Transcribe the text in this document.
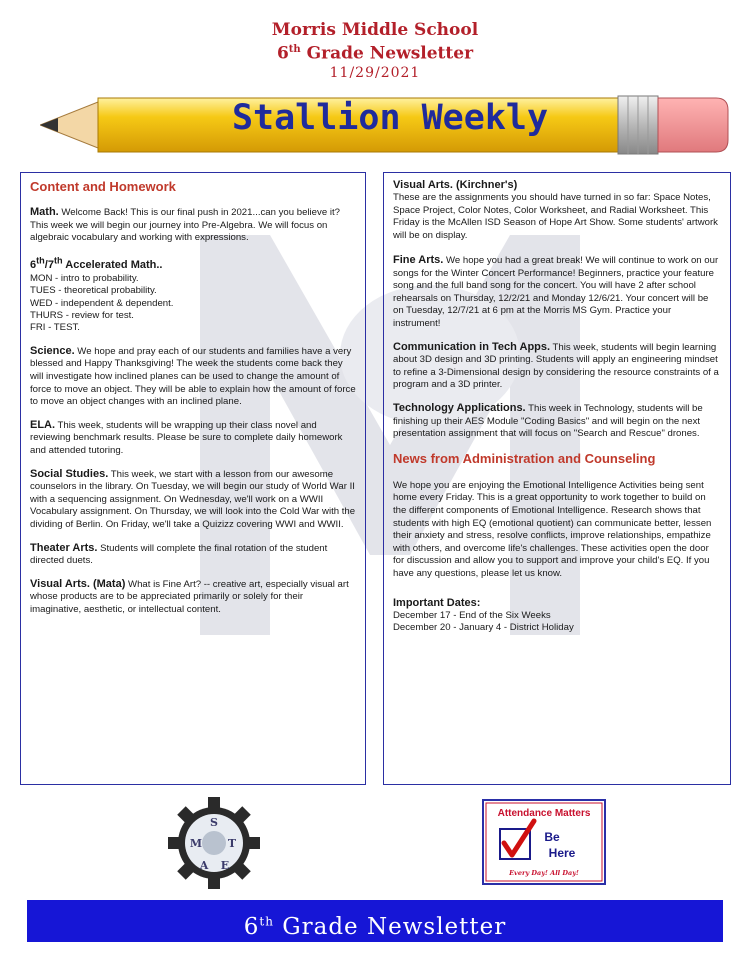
Morris Middle School
6th Grade Newsletter
11/29/2021
Stallion Weekly
Content and Homework

Math. Welcome Back! This is our final push in 2021...can you believe it? This week we will begin our journey into Pre-Algebra. We will focus on algebraic vocabulary and working with expressions.

6th/7th Accelerated Math..
MON - intro to probability.
TUES - theoretical probability.
WED - independent & dependent.
THURS - review for test.
FRI - TEST.

Science. We hope and pray each of our students and families have a very blessed and Happy Thanksgiving! The week the students come back they will investigate how inclined planes can be used to change the amount of force to move an object. They will be able to explain how the amount of force to move an object changes with an inclined plane.

ELA. This week, students will be wrapping up their class novel and reviewing benchmark results. Please be sure to complete daily homework and attended tutoring.

Social Studies. This week, we start with a lesson from our awesome counselors in the library. On Tuesday, we will begin our study of World War II with a sequencing assignment. On Wednesday, we'll work on a WWII Vocabulary assignment. On Thursday, we will look into the Cold War with the dividing of Berlin. On Friday, we'll take a Quizizz covering WWI and WWII.

Theater Arts. Students will complete the final rotation of the student directed duets.

Visual Arts. (Mata) What is Fine Art? -- creative art, especially visual art whose products are to be appreciated primarily or solely for their imaginative, aesthetic, or intellectual content.

Visual Arts. (Kirchner's)
These are the assignments you should have turned in so far: Space Notes, Space Project, Color Notes, Color Worksheet, and Radial Worksheet. This Friday is the McAllen ISD Season of Hope Art Show. Some students' artwork will be on display.

Fine Arts. We hope you had a great break! We will continue to work on our songs for the Winter Concert Performance! Beginners, practice your feature song and the full band song for the concert. You will have 2 after school rehearsals on Thursday, 12/2/21 and Monday 12/6/21. Your concert will be on Tuesday, 12/7/21 at 6 pm at the Morris MS Gym. Practice your instrument!

Communication in Tech Apps. This week, students will begin learning about 3D design and 3D printing. Students will apply an engineering mindset to refine a 3-Dimensional design by considering the resource constraints of a program and a 3D printer.

Technology Applications. This week in Technology, students will be finishing up their AES Module "Coding Basics" and will begin on the next presentation assignment that will focus on "Search and Rescue" drones.

News from Administration and Counseling

We hope you are enjoying the Emotional Intelligence Activities being sent home every Friday. This is a great opportunity to work together to build on the different components of Emotional Intelligence. Research shows that students with high EQ (emotional quotient) can communicate better, lessen their anxiety and stress, resolve conflicts, improve relationships, empathize with others, and overcome life's challenges. These activities open the door for discussion and allow you to support and improve your child's EQ. If you have any questions, please let us know.

Important Dates:
December 17 - End of the Six Weeks
December 20 - January 4 - District Holiday
S
M T
A E
Attendance Matters
Be
Here
Every Day! All Day!
6th Grade Newsletter
